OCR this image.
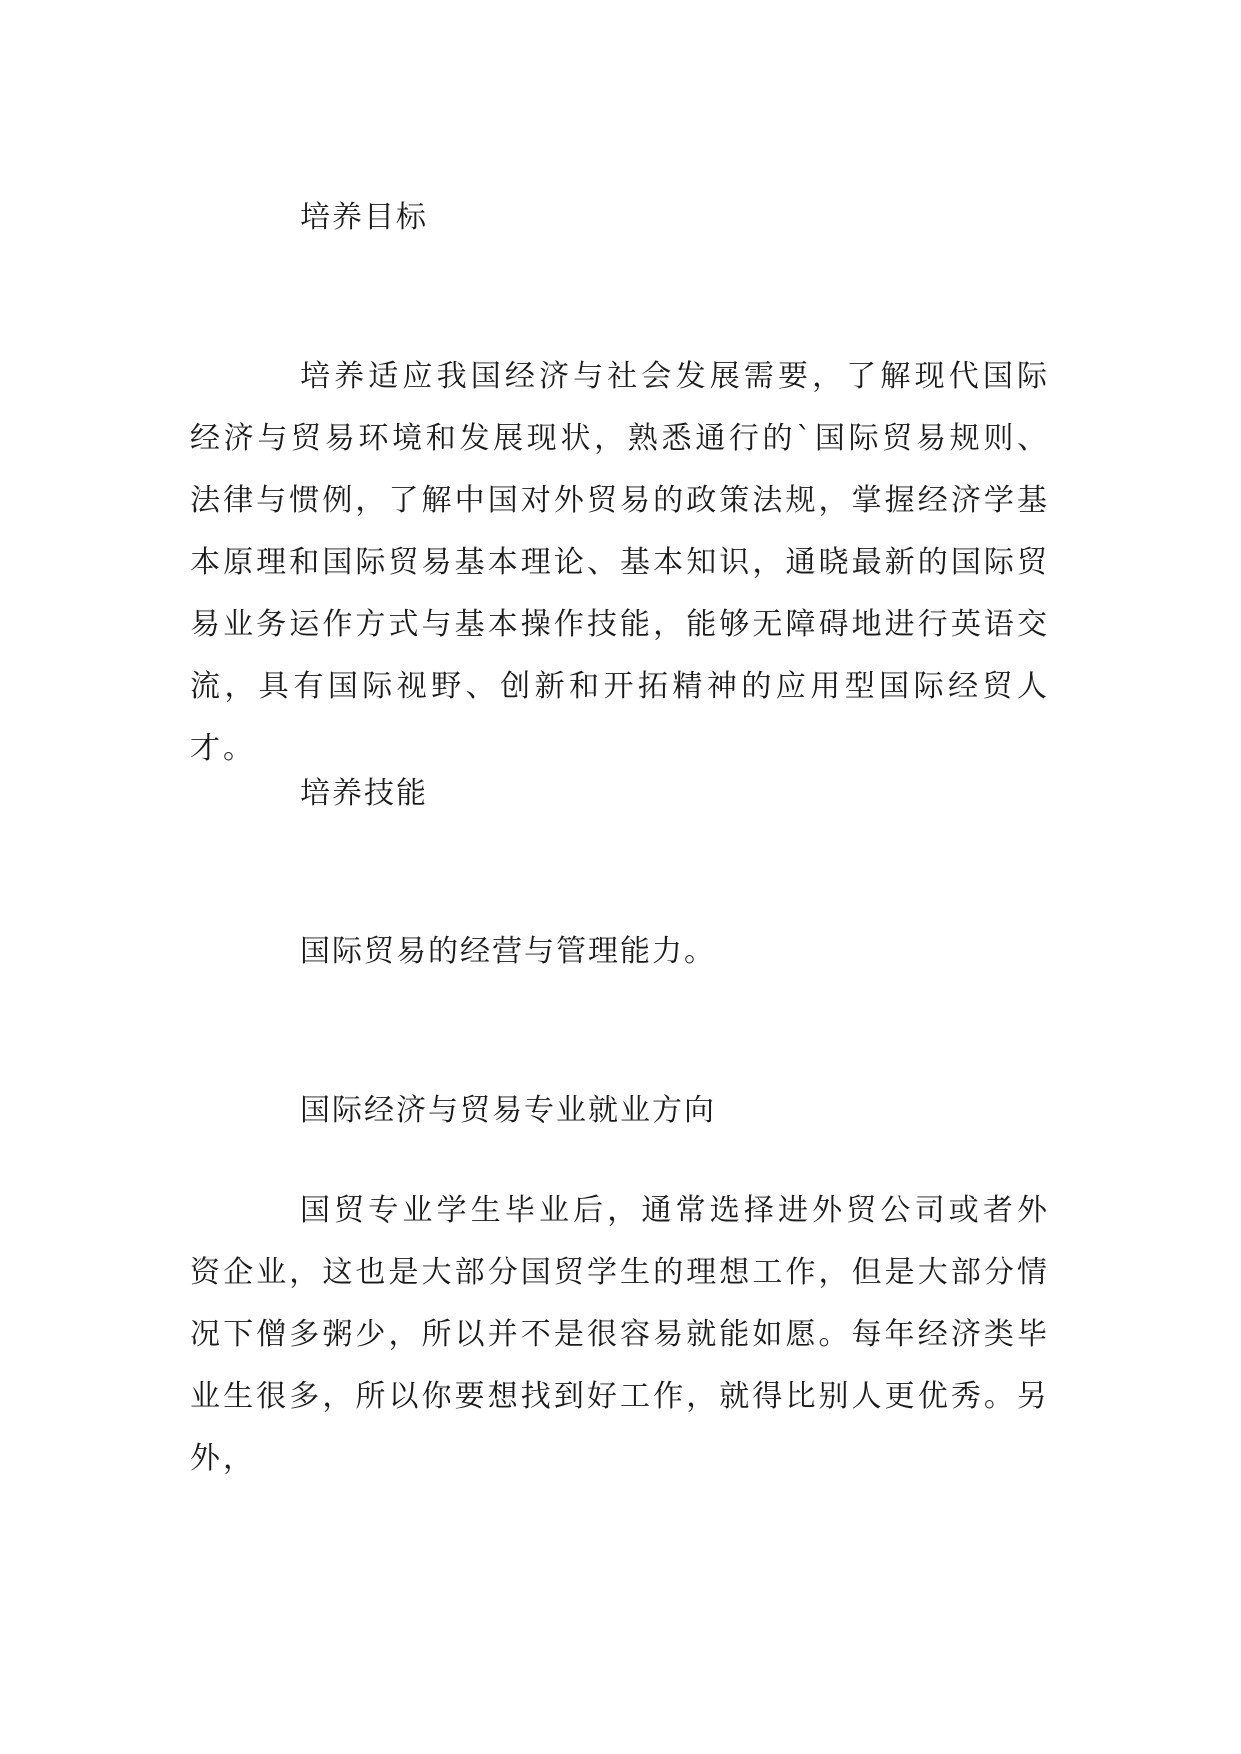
培养目标
培养适应我国经济与社会发展需要，了解现代国际经济与贸易环境和发展现状，熟悉通行的`国际贸易规则、法律与惯例，了解中国对外贸易的政策法规，掌握经济学基本原理和国际贸易基本理论、基本知识，通晓最新的国际贸易业务运作方式与基本操作技能，能够无障碍地进行英语交流，具有国际视野、创新和开拓精神的应用型国际经贸人才。
培养技能
国际贸易的经营与管理能力。
国际经济与贸易专业就业方向
国贸专业学生毕业后，通常选择进外贸公司或者外资企业，这也是大部分国贸学生的理想工作，但是大部分情况下僧多粥少，所以并不是很容易就能如愿。每年经济类毕业生很多，所以你要想找到好工作，就得比别人更优秀。另外，
